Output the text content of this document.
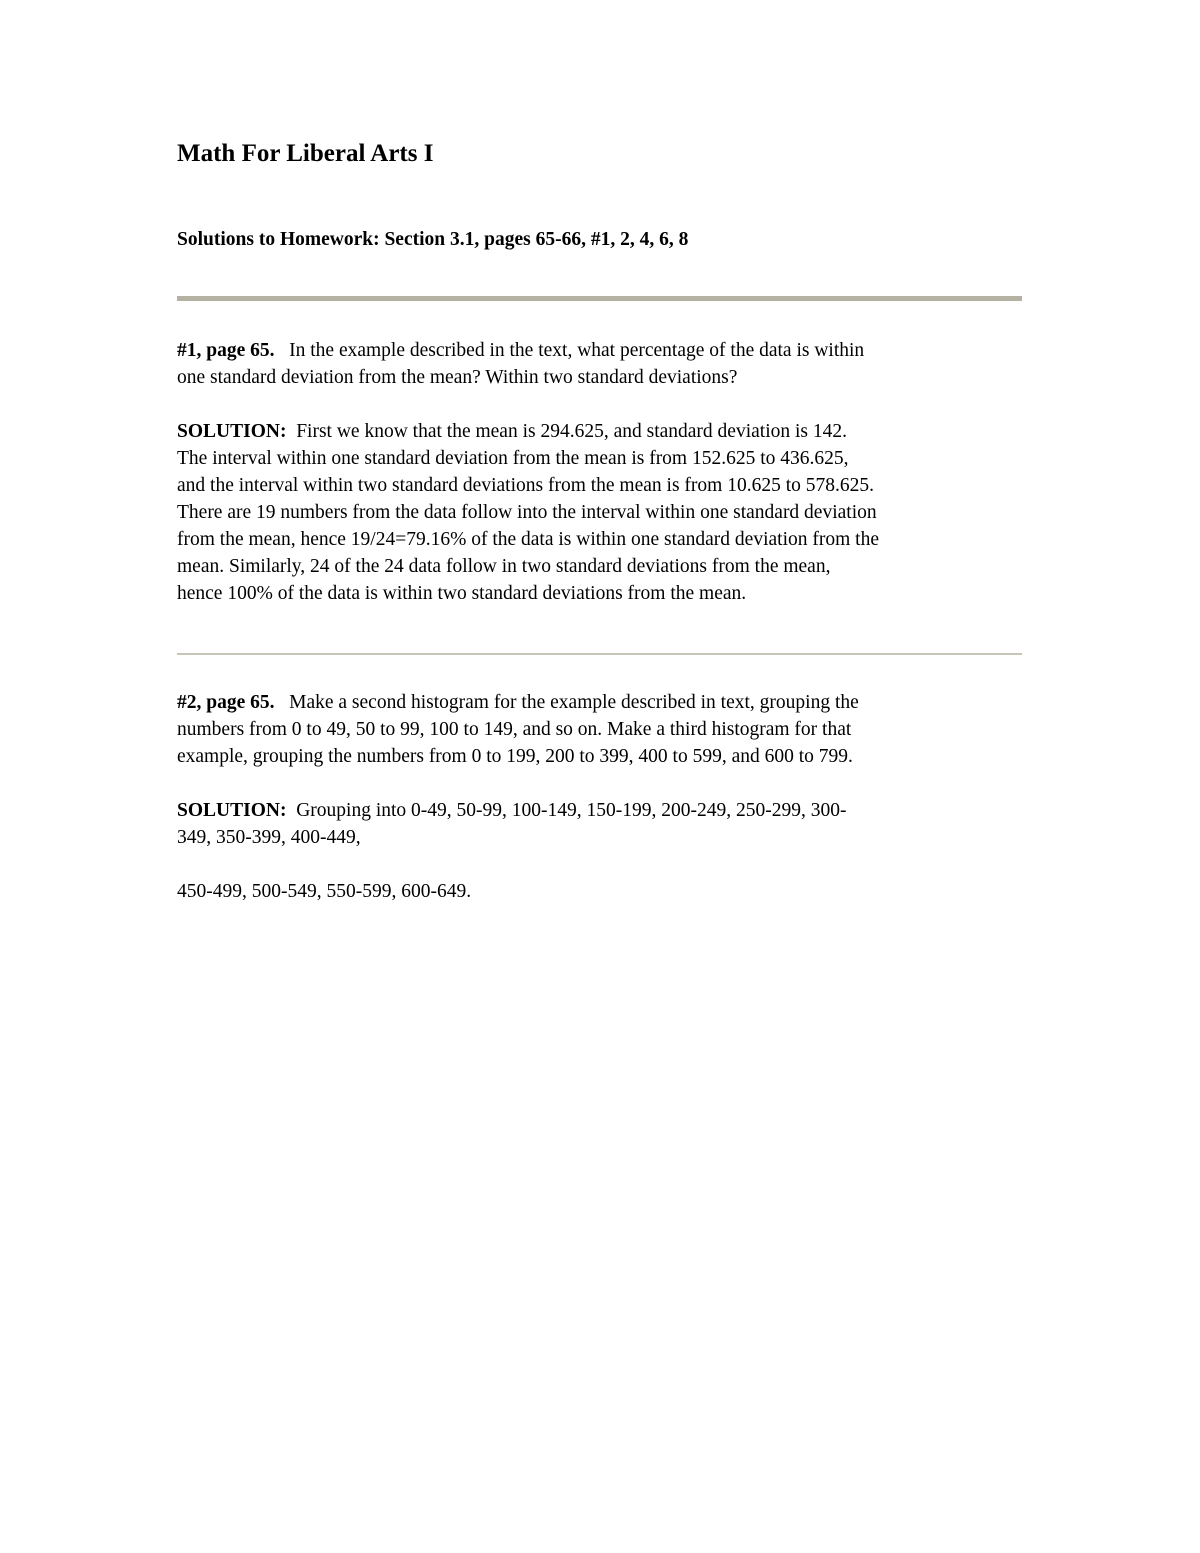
Math For Liberal Arts I
Solutions to Homework: Section 3.1, pages 65-66, #1, 2, 4, 6, 8

#1, page 65. In the example described in the text, what percentage of the data is within
one standard deviation from the mean? Within two standard deviations?

SOLUTION: First we know that the mean is 294.625, and standard deviation is 142.
The interval within one standard deviation from the mean is from 152.625 to 436.625,
and the interval within two standard deviations from the mean is from 10.625 to 578.625.
There are 19 numbers from the data follow into the interval within one standard deviation
from the mean, hence 19/24=79.16% of the data is within one standard deviation from the
mean. Similarly, 24 of the 24 data follow in two standard deviations from the mean,
hence 100% of the data is within two standard deviations from the mean.

#2, page 65. Make a second histogram for the example described in text, grouping the
numbers from 0 to 49, 50 to 99, 100 to 149, and so on. Make a third histogram for that
example, grouping the numbers from 0 to 199, 200 to 399, 400 to 599, and 600 to 799.

SOLUTION: Grouping into 0-49, 50-99, 100-149, 150-199, 200-249, 250-299, 300-
349, 350-399, 400-449,

450-499, 500-549, 550-599, 600-649.
